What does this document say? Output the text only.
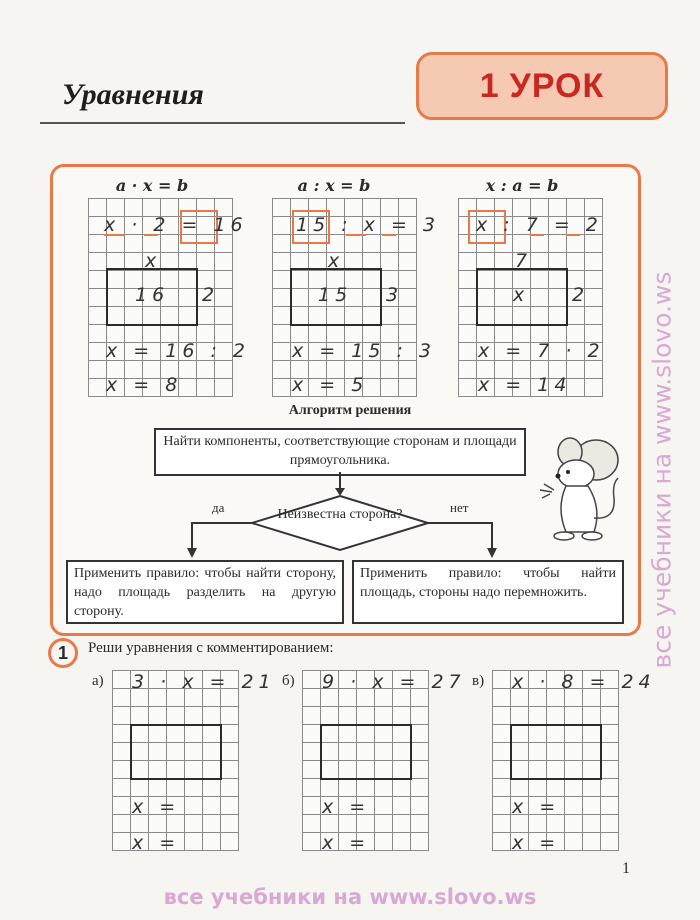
Уравнения	1 УРОК
a · x = b
x · 2 = 16
x
16 2
x = 16 : 2
x = 8
a : x = b
15 : x = 3
x
15 3
x = 15 : 3
x = 5
x : a = b
x : 7 = 2
7
x 2
x = 7 · 2
x = 14
Алгоритм решения
Найти компоненты, соответствующие сторонам и площади прямоугольника.
Неизвестна сторона?
да	нет
Применить правило: чтобы найти сторону, надо площадь разделить на другую сторону.
Применить правило: чтобы найти площадь, стороны надо перемножить.
1	Реши уравнения с комментированием:
а) 3 · x = 21
x =
x =
б) 9 · x = 27
x =
x =
в) x · 8 = 24
x =
x =
1
все учебники на www.slovo.ws
все учебники на www.slovo.ws
